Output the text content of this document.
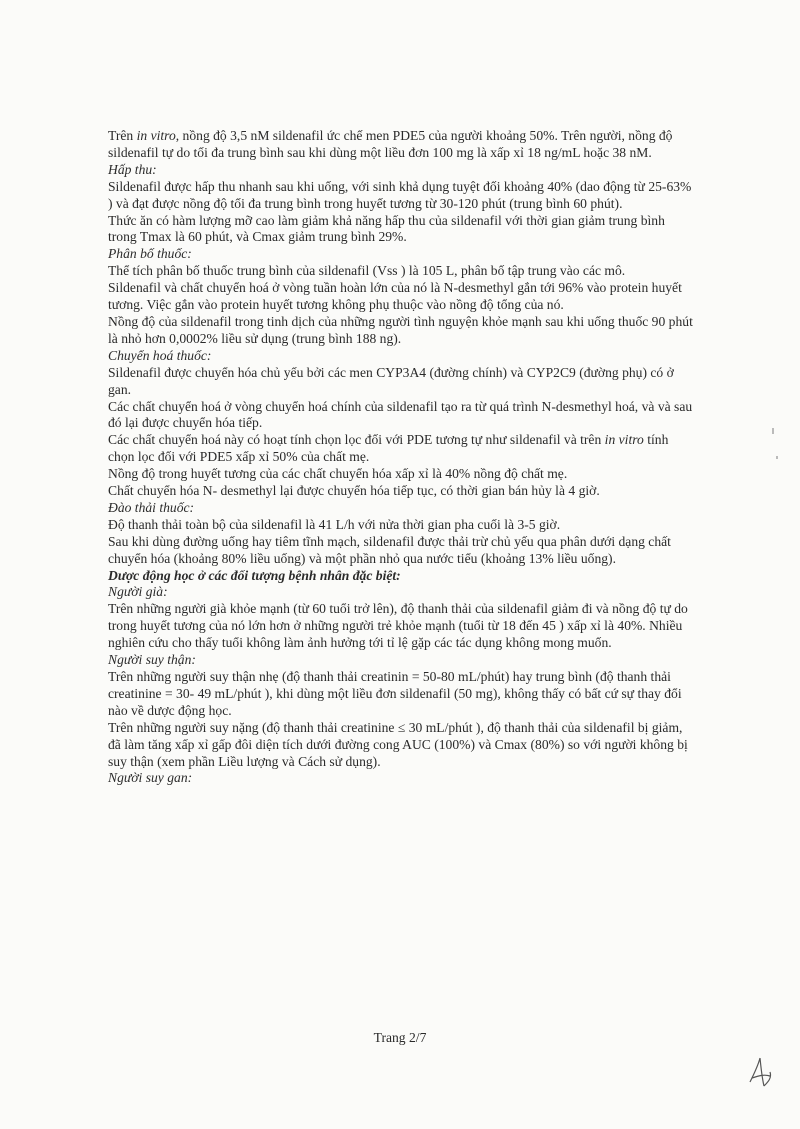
Trên in vitro, nồng độ 3,5 nM sildenafil ức chế men PDE5 của người khoảng 50%. Trên người, nồng độ sildenafil tự do tối đa trung bình sau khi dùng một liều đơn 100 mg là xấp xỉ 18 ng/mL hoặc 38 nM.

Hấp thu:

Sildenafil được hấp thu nhanh sau khi uống, với sinh khả dụng tuyệt đối khoảng 40% (dao động từ 25-63% ) và đạt được nồng độ tối đa trung bình trong huyết tương từ 30-120 phút (trung bình 60 phút).

Thức ăn có hàm lượng mỡ cao làm giảm khả năng hấp thu của sildenafil với thời gian giảm trung bình trong Tmax là 60 phút, và Cmax giảm trung bình 29%.

Phân bố thuốc:

Thể tích phân bố thuốc trung bình của sildenafil (Vss ) là 105 L, phân bố tập trung vào các mô.

Sildenafil và chất chuyển hoá ở vòng tuần hoàn lớn của nó là N-desmethyl gắn tới 96% vào protein huyết tương. Việc gắn vào protein huyết tương không phụ thuộc vào nồng độ tổng của nó.

Nồng độ của sildenafil trong tinh dịch của những người tình nguyện khỏe mạnh sau khi uống thuốc 90 phút là nhỏ hơn 0,0002% liều sử dụng (trung bình 188 ng).

Chuyển hoá thuốc:

Sildenafil được chuyển hóa chủ yếu bởi các men CYP3A4 (đường chính) và CYP2C9 (đường phụ) có ở gan.

Các chất chuyển hoá ở vòng chuyển hoá chính của sildenafil tạo ra từ quá trình N-desmethyl hoá, và và sau đó lại được chuyển hóa tiếp.

Các chất chuyển hoá này có hoạt tính chọn lọc đối với PDE tương tự như sildenafil và trên in vitro tính chọn lọc đối với PDE5 xấp xỉ 50% của chất mẹ.

Nồng độ trong huyết tương của các chất chuyển hóa xấp xỉ là 40% nồng độ chất mẹ.

Chất chuyển hóa N- desmethyl lại được chuyển hóa tiếp tục, có thời gian bán hủy là 4 giờ.

Đào thải thuốc:

Độ thanh thải toàn bộ của sildenafil là 41 L/h với nửa thời gian pha cuối là 3-5 giờ.

Sau khi dùng đường uống hay tiêm tĩnh mạch, sildenafil được thải trừ chủ yếu qua phân dưới dạng chất chuyển hóa (khoảng 80% liều uống) và một phần nhỏ qua nước tiểu (khoảng 13% liều uống).

Dược động học ở các đối tượng bệnh nhân đặc biệt:

Người già:

Trên những người già khỏe mạnh (từ 60 tuổi trở lên), độ thanh thải của sildenafil giảm đi và nồng độ tự do trong huyết tương của nó lớn hơn ở những người trẻ khỏe mạnh (tuổi từ 18 đến 45 ) xấp xỉ là 40%. Nhiều nghiên cứu cho thấy tuổi không làm ảnh hưởng tới tỉ lệ gặp các tác dụng không mong muốn.

Người suy thận:

Trên những người suy thận nhẹ (độ thanh thải creatinin = 50-80 mL/phút) hay trung bình (độ thanh thải creatinine = 30- 49 mL/phút ), khi dùng một liều đơn sildenafil (50 mg), không thấy có bất cứ sự thay đổi nào về dược động học.

Trên những người suy nặng (độ thanh thải creatinine ≤ 30 mL/phút ), độ thanh thải của sildenafil bị giảm, đã làm tăng xấp xỉ gấp đôi diện tích dưới đường cong AUC (100%) và Cmax (80%) so với người không bị suy thận (xem phần Liều lượng và Cách sử dụng).

Người suy gan:

Trang 2/7
